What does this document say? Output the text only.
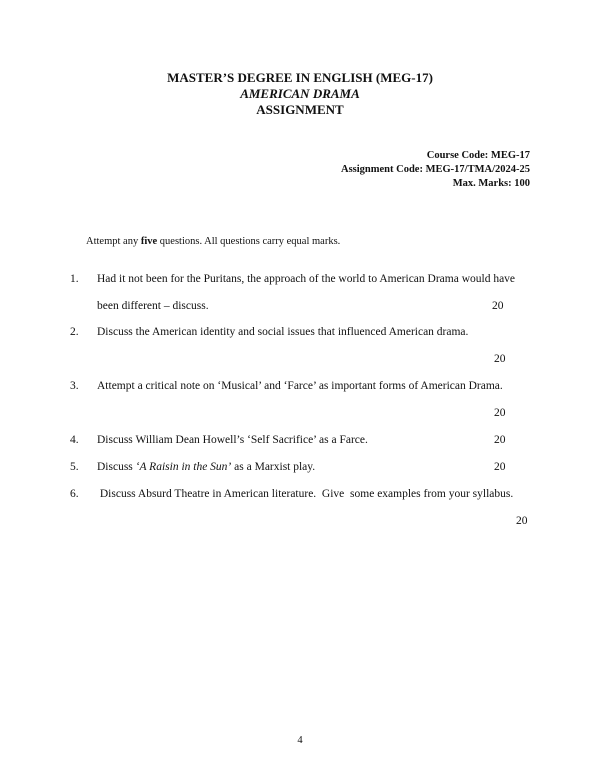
MASTER’S DEGREE IN ENGLISH (MEG-17)
AMERICAN DRAMA
ASSIGNMENT
Course Code: MEG-17
Assignment Code: MEG-17/TMA/2024-25
Max. Marks: 100
Attempt any five questions. All questions carry equal marks.
1. Had it not been for the Puritans, the approach of the world to American Drama would have
been different – discuss.	20
2. Discuss the American identity and social issues that influenced American drama.
20
3. Attempt a critical note on ‘Musical’ and ‘Farce’ as important forms of American Drama.
20
4. Discuss William Dean Howell’s ‘Self Sacrifice’ as a Farce.	20
5. Discuss ‘A Raisin in the Sun’ as a Marxist play.	20
6. Discuss Absurd Theatre in American literature.  Give  some examples from your syllabus.
20
4
